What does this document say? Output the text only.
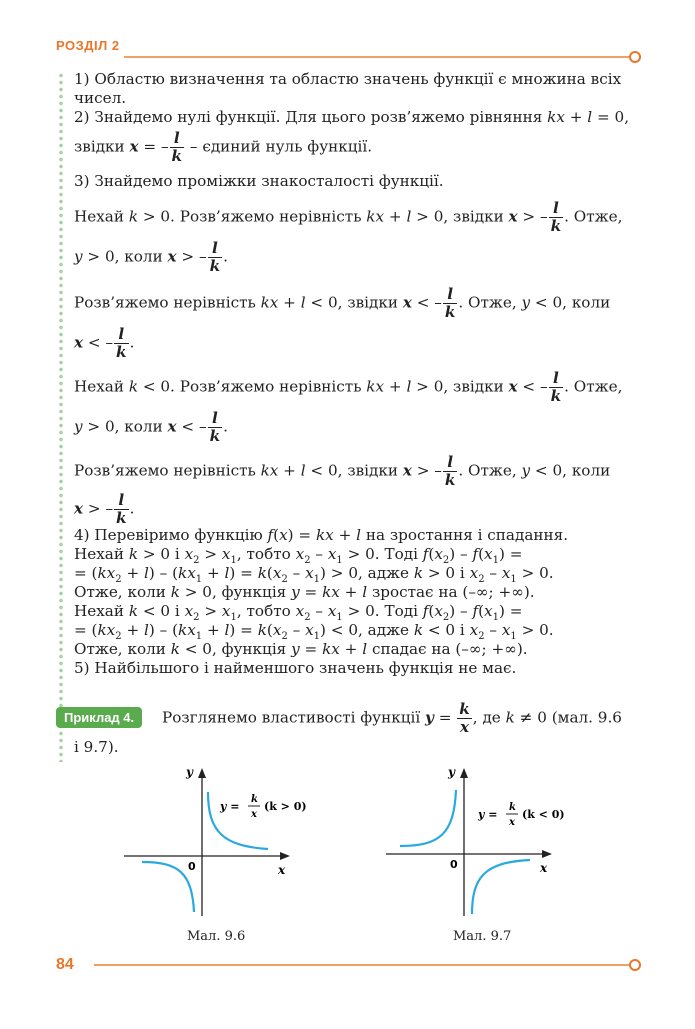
РОЗДІЛ 2
1) Областю визначення та областю значень функції є множина всіх
чисел.
2) Знайдемо нулі функції. Для цього розв’яжемо рівняння kx + l = 0,
звідки x = – $\frac{l}{k}$ – єдиний нуль функції.
3) Знайдемо проміжки знакосталості функції.
Нехай k > 0. Розв’яжемо нерівність kx + l > 0, звідки x > – $\frac{l}{k}$ . Отже,
y > 0, коли x > – $\frac{l}{k}$ .
Розв’яжемо нерівність kx + l < 0, звідки x < – $\frac{l}{k}$ . Отже, y < 0, коли
x < – $\frac{l}{k}$ .
Нехай k < 0. Розв’яжемо нерівність kx + l > 0, звідки x < – $\frac{l}{k}$ . Отже,
y > 0, коли x < – $\frac{l}{k}$ .
Розв’яжемо нерівність kx + l < 0, звідки x > – $\frac{l}{k}$ . Отже, y < 0, коли
x > – $\frac{l}{k}$ .
4) Перевіримо функцію f(x) = kx + l на зростання і спадання.
Нехай k > 0 і $x_2 > x_1$, тобто $x_2 - x_1 > 0$. Тоді $f(x_2) - f(x_1)$ =
= $(kx_2 + l) - (kx_1 + l) = k(x_2 - x_1) > 0$, адже k > 0 і $x_2 - x_1 > 0$.
Отже, коли k > 0, функція y = kx + l зростає на (–∞; +∞).
Нехай k < 0 і $x_2 > x_1$, тобто $x_2 - x_1 > 0$. Тоді $f(x_2) - f(x_1)$ =
= $(kx_2 + l) - (kx_1 + l) = k(x_2 - x_1) < 0$, адже k < 0 і $x_2 - x_1 > 0$.
Отже, коли k < 0, функція y = kx + l спадає на (–∞; +∞).
5) Найбільшого і найменшого значень функція не має.
Приклад 4.	Розглянемо властивості функції $y = \frac{k}{x}$ , де k ≠ 0 (мал. 9.6
і 9.7).
y
x
0
y =
k
x
(k > 0)
Мал. 9.6
y
x
0
y =
k
x
(k < 0)
Мал. 9.7
84
